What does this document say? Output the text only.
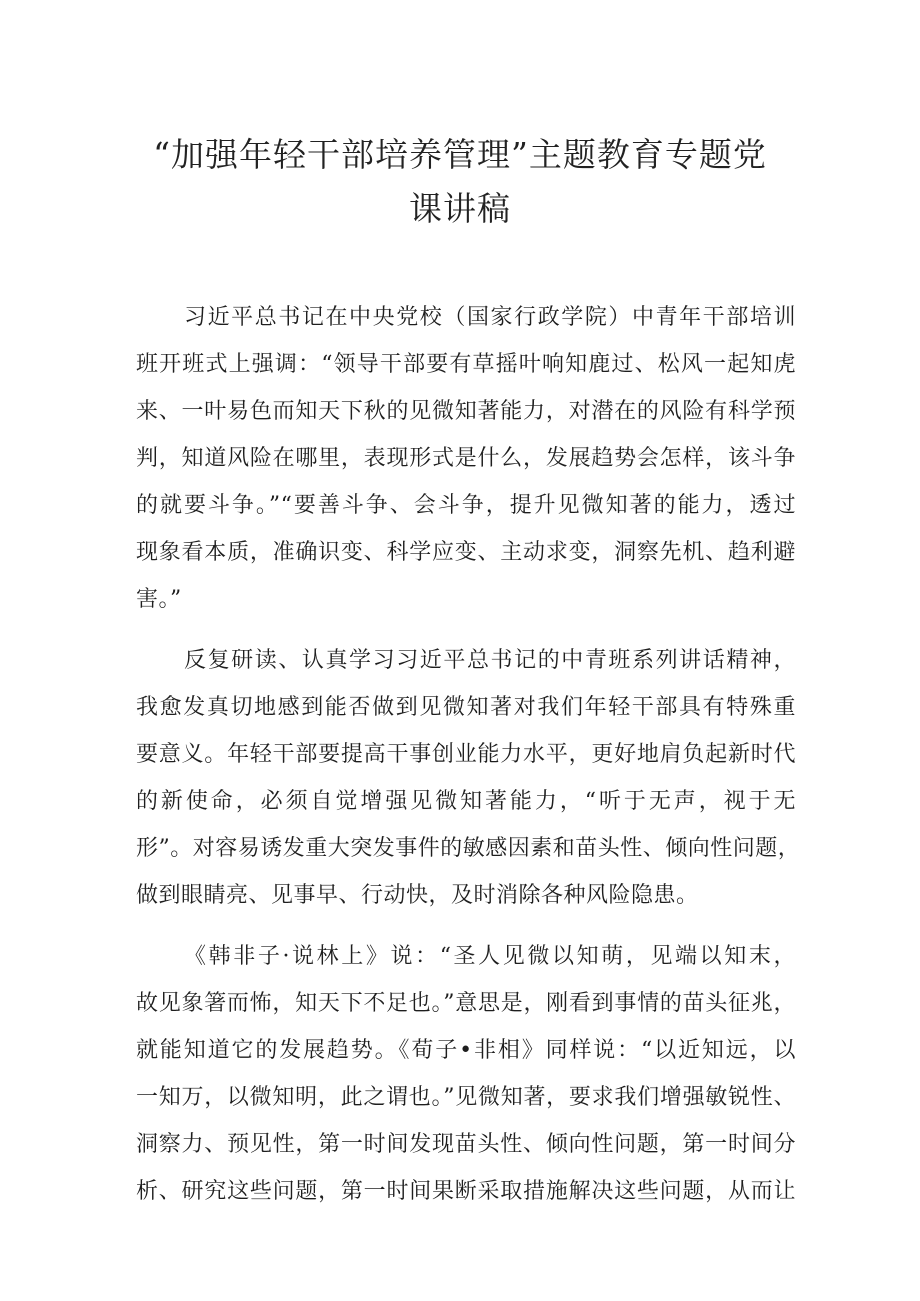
“加强年轻干部培养管理”主题教育专题党
课讲稿
习近平总书记在中央党校（国家行政学院）中青年干部培训
班开班式上强调：“领导干部要有草摇叶响知鹿过、松风一起知虎
来、一叶易色而知天下秋的见微知著能力，对潜在的风险有科学预
判，知道风险在哪里，表现形式是什么，发展趋势会怎样，该斗争
的就要斗争。”“要善斗争、会斗争，提升见微知著的能力，透过
现象看本质，准确识变、科学应变、主动求变，洞察先机、趋利避
害。”
反复研读、认真学习习近平总书记的中青班系列讲话精神，
我愈发真切地感到能否做到见微知著对我们年轻干部具有特殊重
要意义。年轻干部要提高干事创业能力水平，更好地肩负起新时代
的新使命，必须自觉增强见微知著能力，“听于无声，视于无
形”。对容易诱发重大突发事件的敏感因素和苗头性、倾向性问题，
做到眼睛亮、见事早、行动快，及时消除各种风险隐患。
《韩非子·说林上》说：“圣人见微以知萌，见端以知末，
故见象箸而怖，知天下不足也。”意思是，刚看到事情的苗头征兆，
就能知道它的发展趋势。《荀子•非相》同样说：“以近知远，以
一知万，以微知明，此之谓也。”见微知著，要求我们增强敏锐性、
洞察力、预见性，第一时间发现苗头性、倾向性问题，第一时间分
析、研究这些问题，第一时间果断采取措施解决这些问题，从而让
